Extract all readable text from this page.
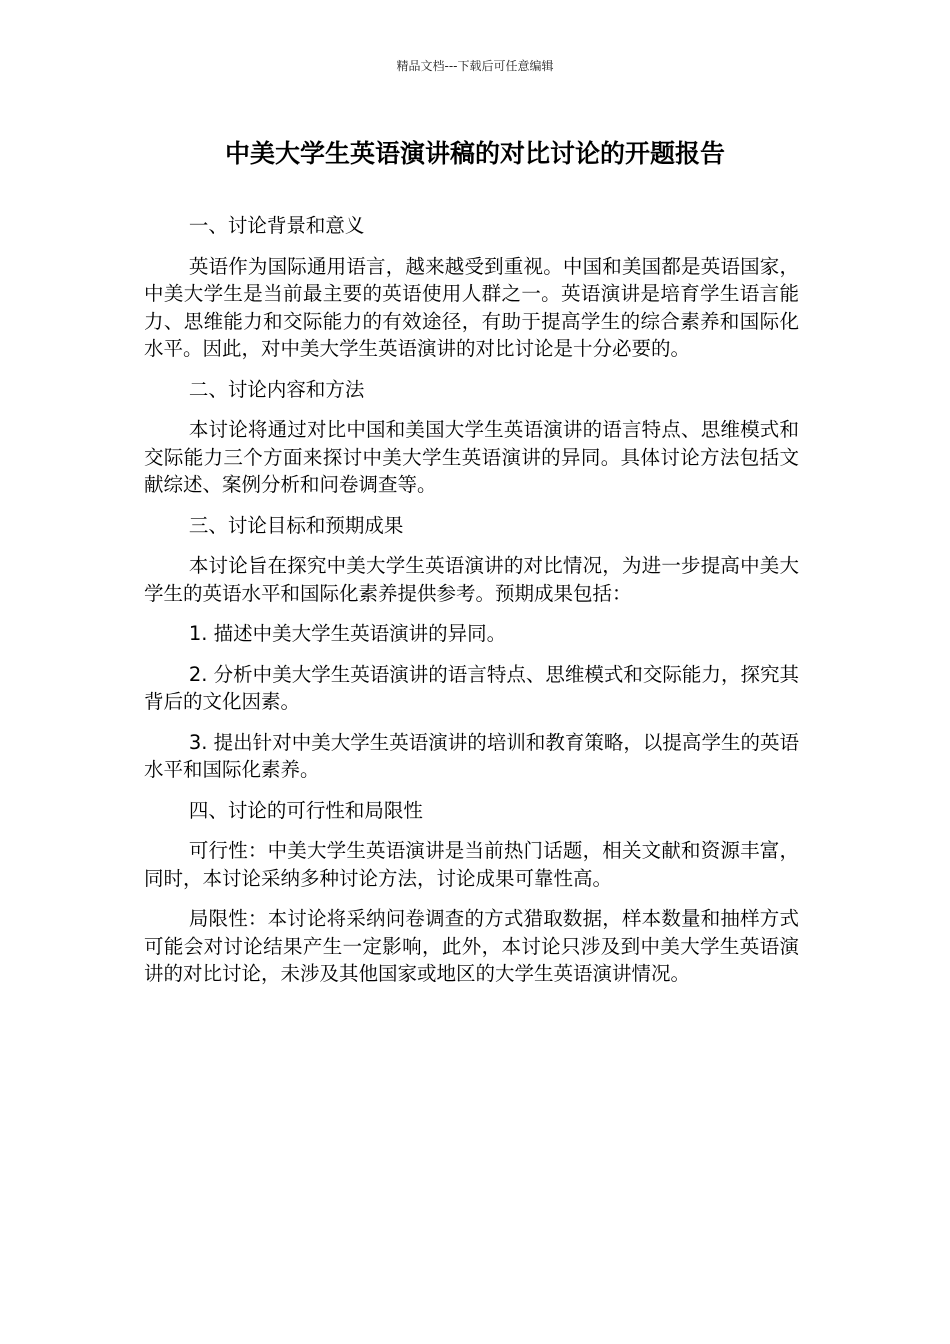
精品文档---下载后可任意编辑
中美大学生英语演讲稿的对比讨论的开题报告

一、讨论背景和意义

英语作为国际通用语言，越来越受到重视。中国和美国都是英语国家，中美大学生是当前最主要的英语使用人群之一。英语演讲是培育学生语言能力、思维能力和交际能力的有效途径，有助于提高学生的综合素养和国际化水平。因此，对中美大学生英语演讲的对比讨论是十分必要的。

二、讨论内容和方法

本讨论将通过对比中国和美国大学生英语演讲的语言特点、思维模式和交际能力三个方面来探讨中美大学生英语演讲的异同。具体讨论方法包括文献综述、案例分析和问卷调查等。

三、讨论目标和预期成果

本讨论旨在探究中美大学生英语演讲的对比情况，为进一步提高中美大学生的英语水平和国际化素养提供参考。预期成果包括：

1. 描述中美大学生英语演讲的异同。

2. 分析中美大学生英语演讲的语言特点、思维模式和交际能力，探究其背后的文化因素。

3. 提出针对中美大学生英语演讲的培训和教育策略，以提高学生的英语水平和国际化素养。

四、讨论的可行性和局限性

可行性：中美大学生英语演讲是当前热门话题，相关文献和资源丰富，同时，本讨论采纳多种讨论方法，讨论成果可靠性高。

局限性：本讨论将采纳问卷调查的方式猎取数据，样本数量和抽样方式可能会对讨论结果产生一定影响，此外，本讨论只涉及到中美大学生英语演讲的对比讨论，未涉及其他国家或地区的大学生英语演讲情况。
